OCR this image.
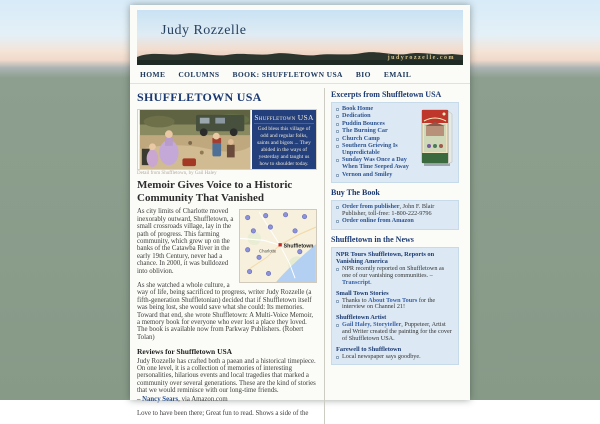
Judy Rozzelle
judyrozzelle.com
HOME COLUMNS BOOK: SHUFFLETOWN USA BIO EMAIL
SHUFFLETOWN USA
Shuffletown USA
God bless this village of odd and regular folks, saints and bigots ... They abided in the ways of yesterday and taught us how to shoulder today.
Detail from Shuffletown, by Gail Haley
Memoir Gives Voice to a Historic Community That Vanished
Shuffletown
Charlotte

As city limits of Charlotte moved inexorably outward, Shuffletown, a small crossroads village, lay in the path of progress. This farming community, which grew up on the banks of the Catawba River in the early 19th Century, never had a chance. In 2000, it was bulldozed into oblivion.

As she watched a whole culture, a way of life, being sacrificed to progress, writer Judy Rozzelle (a fifth-generation Shuffletonian) decided that if Shuffletown itself was being lost, she would save what she could: Its memories. Toward that end, she wrote Shuffletown: A Multi-Voice Memoir, a memory book for everyone who ever lost a place they loved. The book is available now from Parkway Publishers. (Robert Tolan)

Reviews for Shuffletown USA

Judy Rozzelle has crafted both a paean and a historical timepiece. On one level, it is a collection of memories of interesting personalities, hilarious events and local tragedies that marked a community over several generations. These are the kind of stories that we would reminisce with our long-time friends.

– Nancy Sears, via Amazon.com

Love to have been there; Great fun to read. Shows a side of the

Excerpts from Shuffletown USA
Book Home
Dedication
Puddin Bounces
The Burning Car
Church Camp
Southern Grieving Is Unpredictable
Sunday Was Once a Day When Time Seeped Away
Vernon and Smiley
Buy The Book
Order from publisher, John F. Blair Publisher, toll-free: 1-800-222-9796
Order online from Amazon
Shuffletown in the News
NPR Tours Shuffletown, Reports on Vanishing America
NPR recently reported on Shuffletown as one of our vanishing communities. – Transcript.
Small Town Stories
Thanks to About Town Tours for the interview on Channel 21!
Shuffletown Artist
Gail Haley, Storyteller, Puppeteer, Artist and Writer created the painting for the cover of Shuffletown USA.
Farewell to Shuffletown
Local newspaper says goodbye.
